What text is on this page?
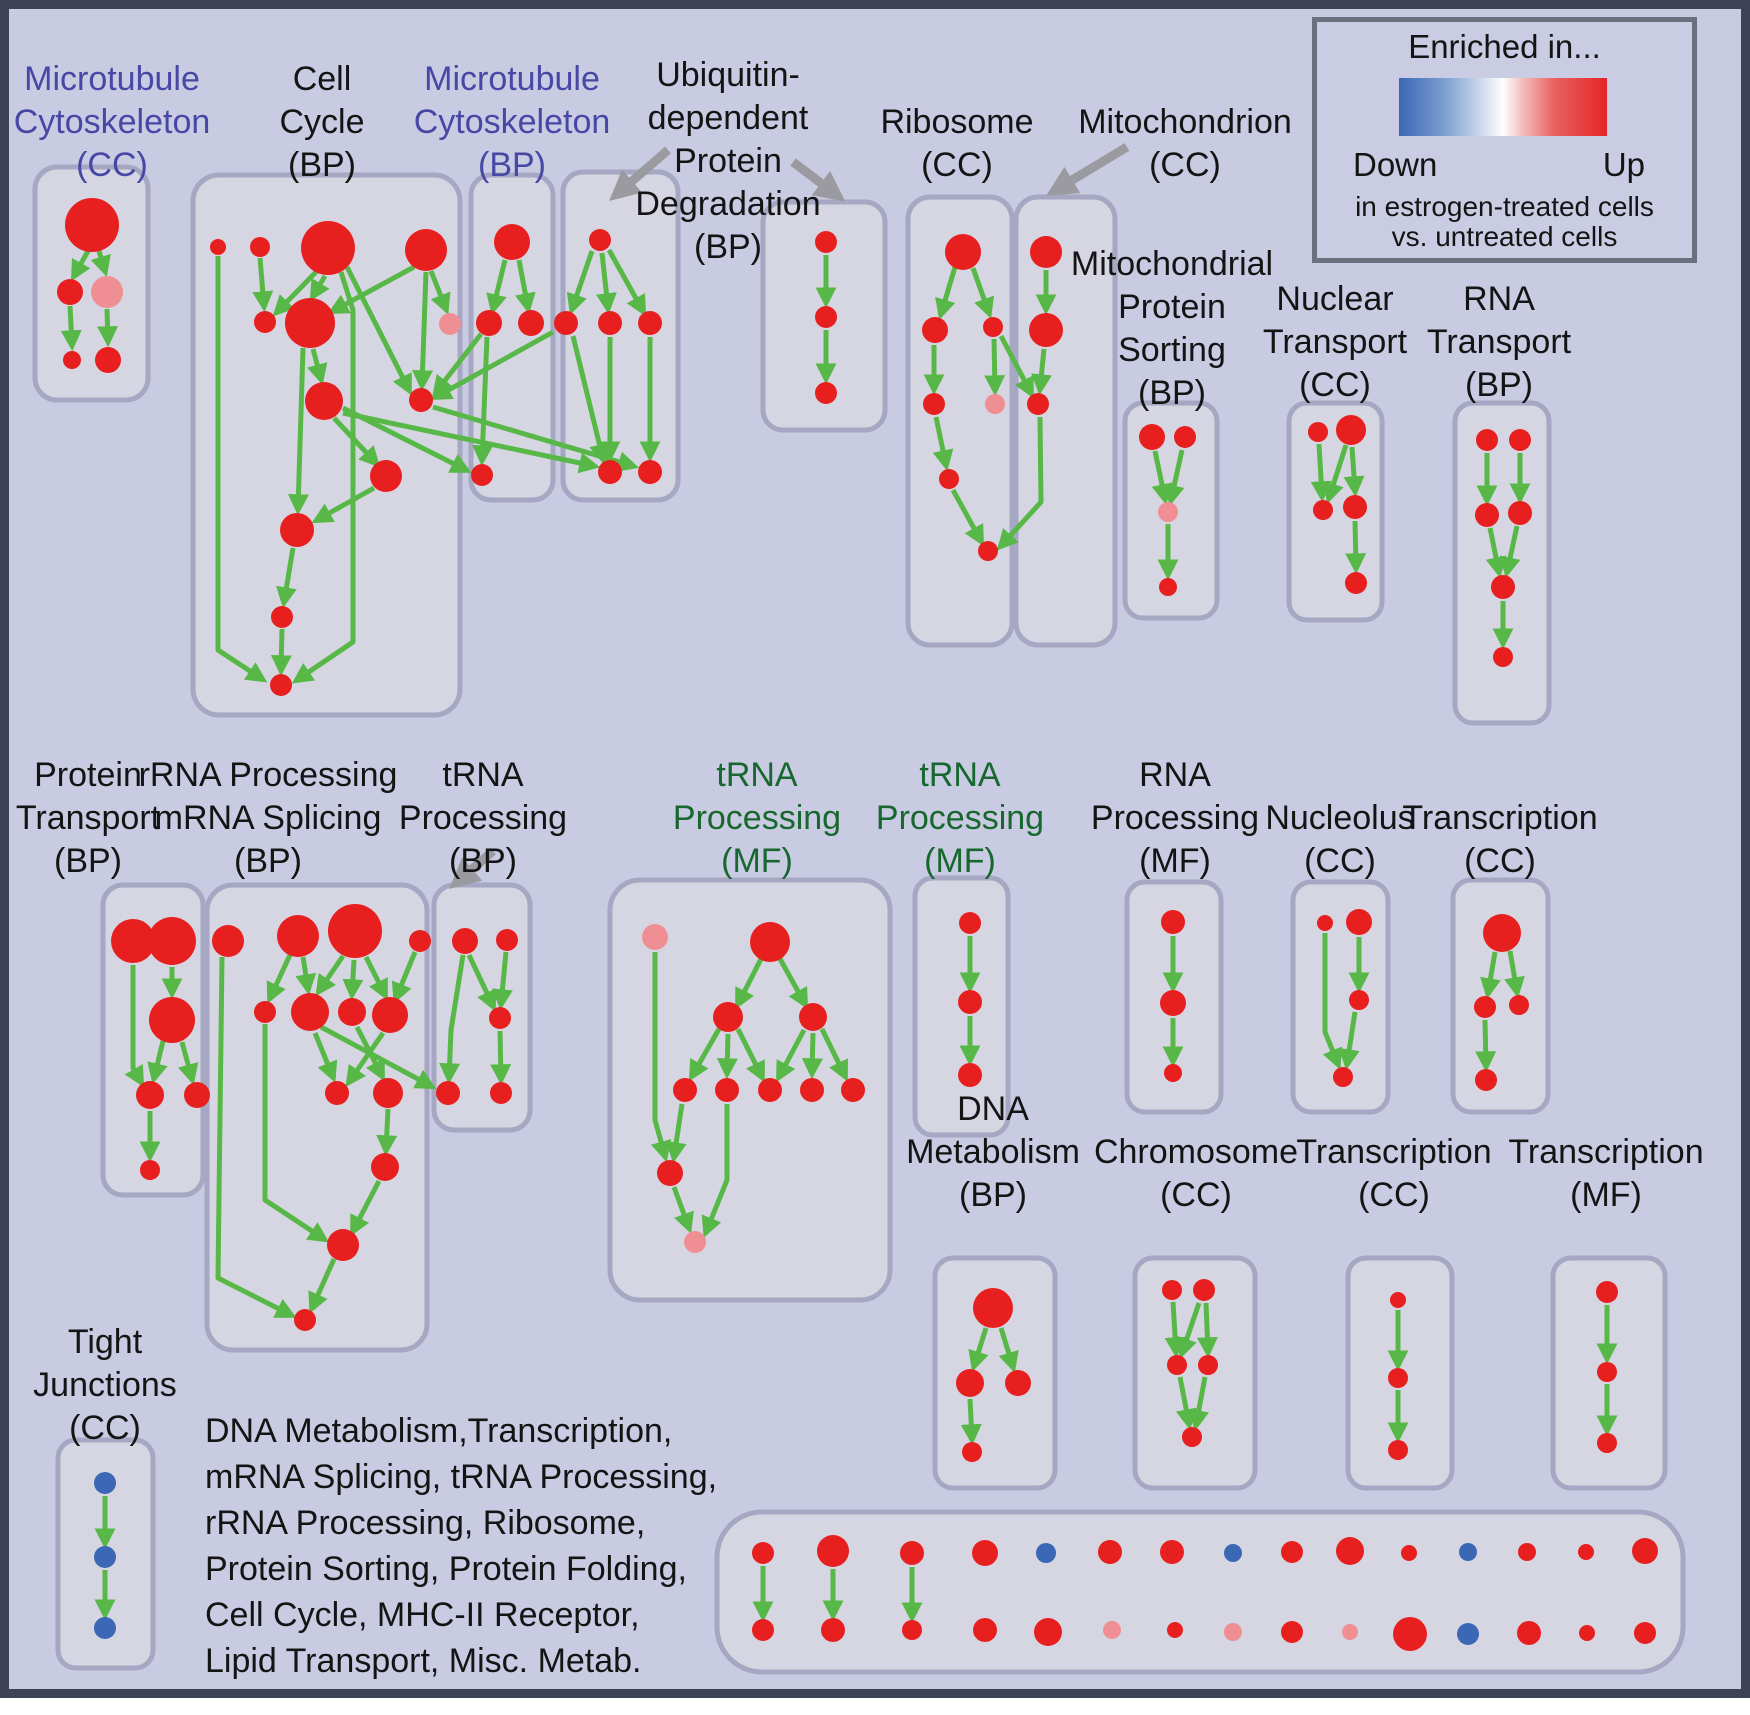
Microtubule Cytoskeleton (CC)
Cell Cycle (BP)
Microtubule Cytoskeleton (BP)
Ubiquitin-dependent Protein Degradation (BP)
Ribosome (CC)
Mitochondrion (CC)
Mitochondrial Protein Sorting (BP)
Nuclear Transport (CC)
RNA Transport (BP)
Protein Transport (BP)
rRNA Processing mRNA Splicing (BP)
tRNA Processing (BP)
tRNA Processing (MF)
tRNA Processing (MF)
RNA Processing (MF)
Nucleolus (CC)
Transcription (CC)
Tight Junctions (CC)
DNA Metabolism (BP)
Chromosome (CC)
Transcription (CC)
Transcription (MF)
DNA Metabolism,Transcription,
mRNA Splicing, tRNA Processing,
rRNA Processing, Ribosome,
Protein Sorting, Protein Folding,
Cell Cycle, MHC-II Receptor,
Lipid Transport, Misc. Metab.
Enriched in...
Down	Up
in estrogen-treated cells
vs. untreated cells
